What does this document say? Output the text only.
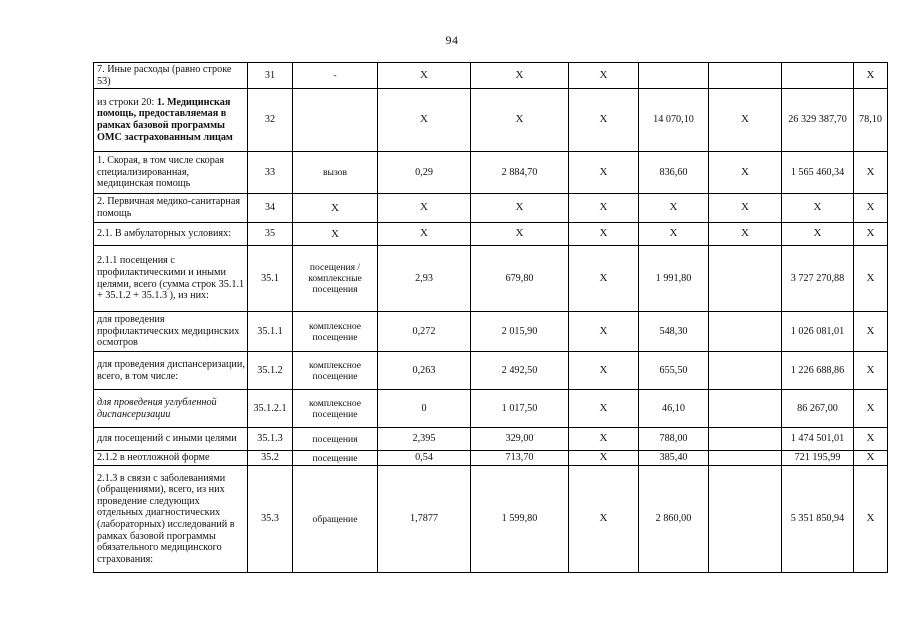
94
7. Иные расходы (равно строке 53)	31	-	X	X	X				X
из строки 20: 1. Медицинская помощь, предоставляемая в рамках базовой программы ОМС застрахованным лицам	32		X	X	X	14 070,10	X	26 329 387,70	78,10
1. Скорая, в том числе скорая специализированная, медицинская помощь	33	вызов	0,29	2 884,70	X	836,60	X	1 565 460,34	X
2. Первичная медико-санитарная помощь	34	X	X	X	X	X	X	X	X
2.1. В амбулаторных условиях:	35	X	X	X	X	X	X	X	X
2.1.1 посещения с профилактическими и иными целями, всего (сумма строк 35.1.1 + 35.1.2 + 35.1.3 ), из них:	35.1	посещения / комплексные посещения	2,93	679,80	X	1 991,80		3 727 270,88	X
для проведения профилактических медицинских осмотров	35.1.1	комплексное посещение	0,272	2 015,90	X	548,30		1 026 081,01	X
для проведения диспансеризации, всего, в том числе:	35.1.2	комплексное посещение	0,263	2 492,50	X	655,50		1 226 688,86	X
для проведения углубленной диспансеризации	35.1.2.1	комплексное посещение	0	1 017,50	X	46,10		86 267,00	X
для посещений с иными целями	35.1.3	посещения	2,395	329,00	X	788,00		1 474 501,01	X
2.1.2 в неотложной форме	35.2	посещение	0,54	713,70	X	385,40		721 195,99	X
2.1.3 в связи с заболеваниями (обращениями), всего, из них проведение следующих отдельных диагностических (лабораторных) исследований в рамках базовой программы обязательного медицинского страхования:	35.3	обращение	1,7877	1 599,80	X	2 860,00		5 351 850,94	X
